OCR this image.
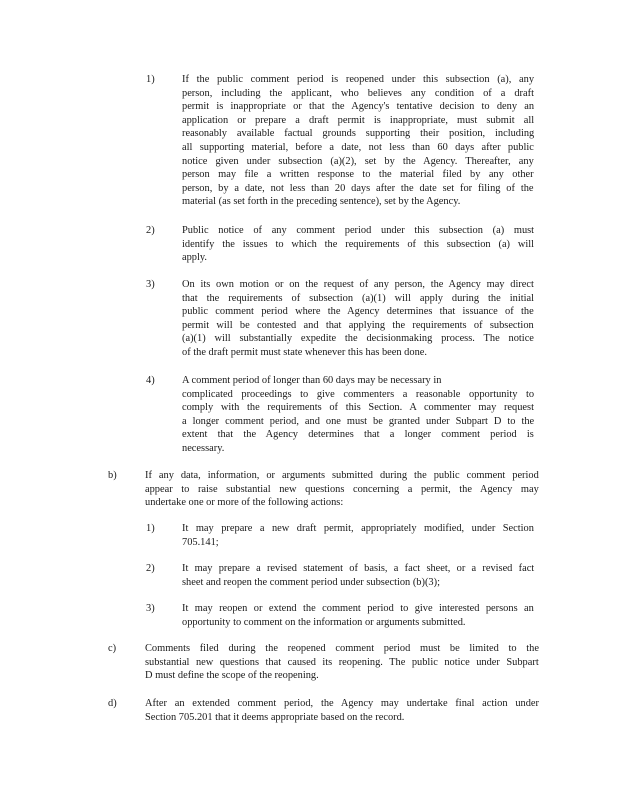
1)	If the public comment period is reopened under this subsection (a), any
person, including the applicant, who believes any condition of a draft
permit is inappropriate or that the Agency's tentative decision to deny an
application or prepare a draft permit is inappropriate, must submit all
reasonably available factual grounds supporting their position, including
all supporting material, before a date, not less than 60 days after public
notice given under subsection (a)(2), set by the Agency. Thereafter, any
person may file a written response to the material filed by any other
person, by a date, not less than 20 days after the date set for filing of the
material (as set forth in the preceding sentence), set by the Agency.
2)	Public notice of any comment period under this subsection (a) must
identify the issues to which the requirements of this subsection (a) will
apply.
3)	On its own motion or on the request of any person, the Agency may direct
that the requirements of subsection (a)(1) will apply during the initial
public comment period where the Agency determines that issuance of the
permit will be contested and that applying the requirements of subsection
(a)(1) will substantially expedite the decisionmaking process. The notice
of the draft permit must state whenever this has been done.
4)	A comment period of longer than 60 days may be necessary in
complicated proceedings to give commenters a reasonable opportunity to
comply with the requirements of this Section. A commenter may request
a longer comment period, and one must be granted under Subpart D to the
extent that the Agency determines that a longer comment period is
necessary.
b)	If any data, information, or arguments submitted during the public comment period
appear to raise substantial new questions concerning a permit, the Agency may
undertake one or more of the following actions:
1)	It may prepare a new draft permit, appropriately modified, under Section
705.141;
2)	It may prepare a revised statement of basis, a fact sheet, or a revised fact
sheet and reopen the comment period under subsection (b)(3);
3)	It may reopen or extend the comment period to give interested persons an
opportunity to comment on the information or arguments submitted.
c)	Comments filed during the reopened comment period must be limited to the
substantial new questions that caused its reopening. The public notice under Subpart
D must define the scope of the reopening.
d)	After an extended comment period, the Agency may undertake final action under
Section 705.201 that it deems appropriate based on the record.
